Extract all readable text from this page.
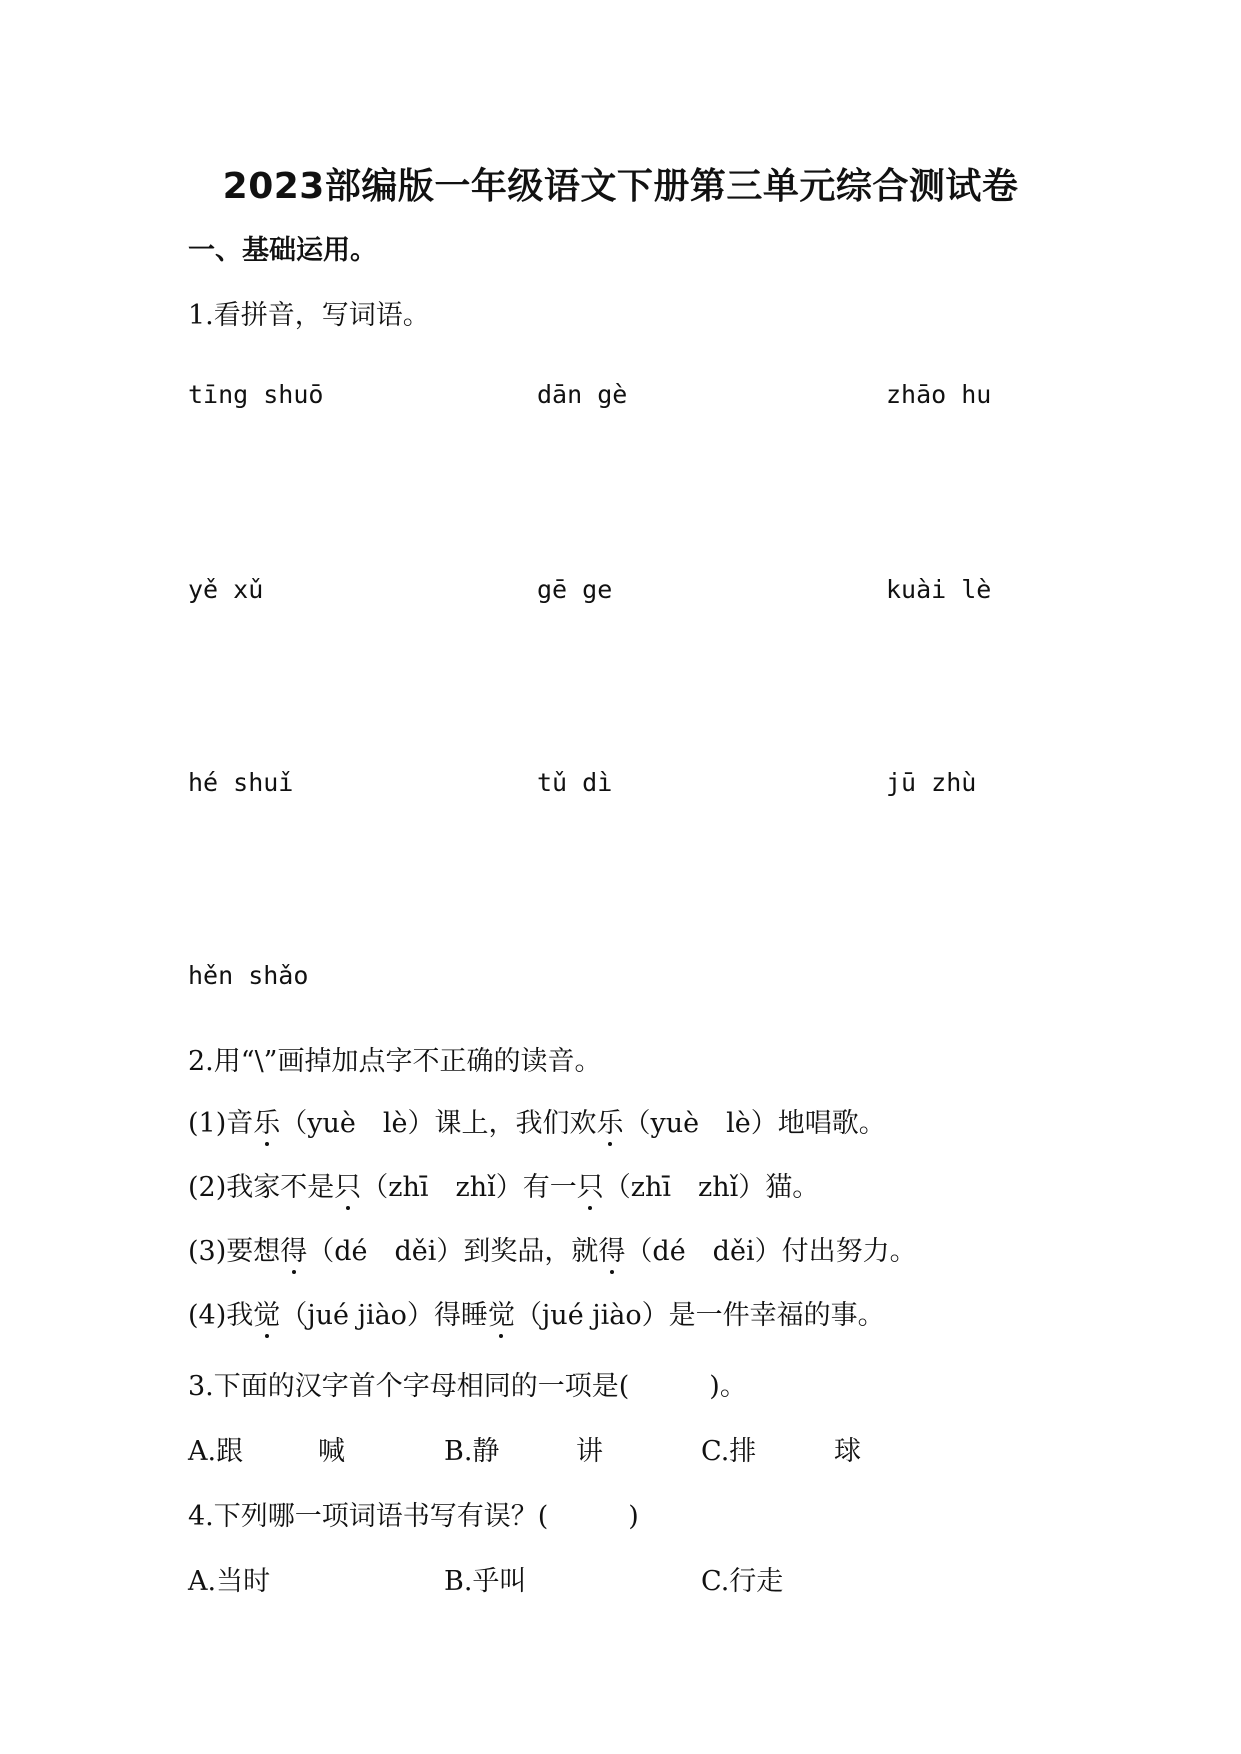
2023部编版一年级语文下册第三单元综合测试卷
一、基础运用。
1.看拼音，写词语。
tīng shuō	dān gè	zhāo hu
yě xǔ	gē ge	kuài lè
hé shuǐ	tǔ dì	jū zhù
hěn shǎo
2.用“\”画掉加点字不正确的读音。
(1)音乐（yuè　lè）课上，我们欢乐（yuè　lè）地唱歌。
(2)我家不是只（zhī　zhǐ）有一只（zhī　zhǐ）猫。
(3)要想得（dé　děi）到奖品，就得（dé　děi）付出努力。
(4)我觉（jué jiào）得睡觉（jué jiào）是一件幸福的事。
3.下面的汉字首个字母相同的一项是(	)。
A.跟	喊	B.静	讲	C.排	球
4.下列哪一项词语书写有误？(	)
A.当时	B.乎叫	C.行走
